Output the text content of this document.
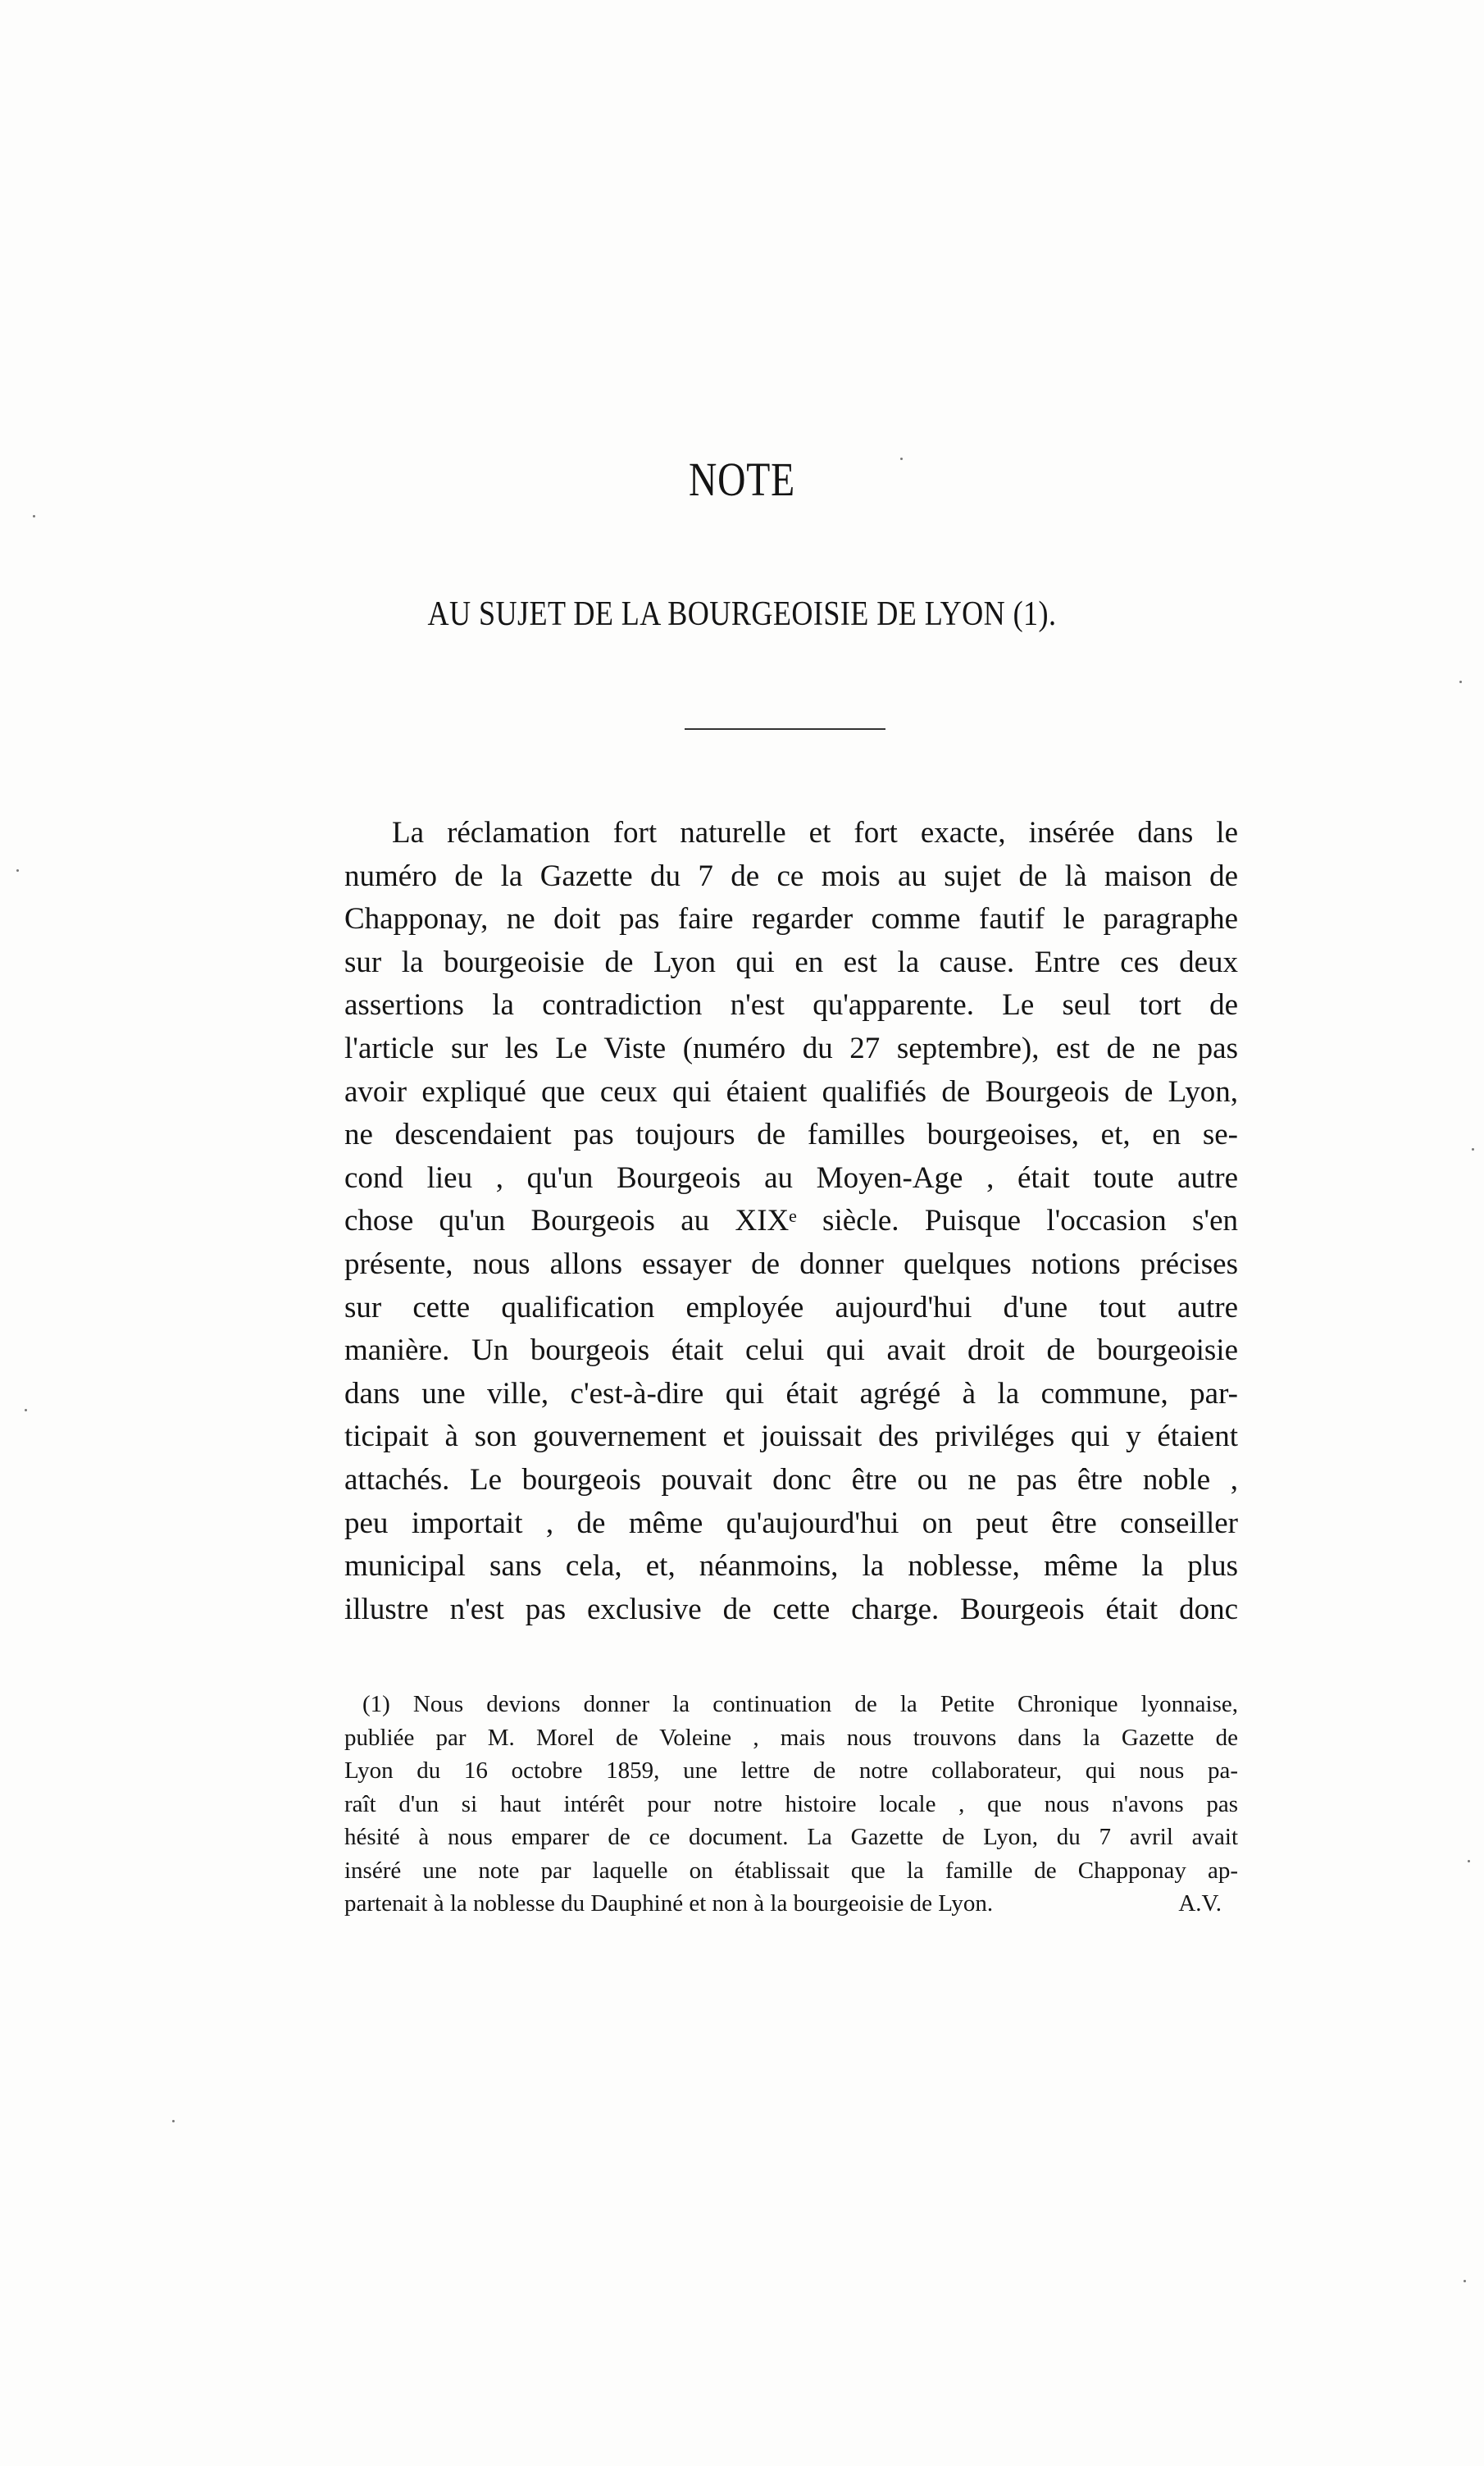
NOTE
AU SUJET DE LA BOURGEOISIE DE LYON (1).
La réclamation fort naturelle et fort exacte, insérée dans le
numéro de la Gazette du 7 de ce mois au sujet de là maison de
Chapponay, ne doit pas faire regarder comme fautif le paragraphe
sur la bourgeoisie de Lyon qui en est la cause. Entre ces deux
assertions la contradiction n'est qu'apparente. Le seul tort de
l'article sur les Le Viste (numéro du 27 septembre), est de ne pas
avoir expliqué que ceux qui étaient qualifiés de Bourgeois de Lyon,
ne descendaient pas toujours de familles bourgeoises, et, en se-
cond lieu , qu'un Bourgeois au Moyen-Age , était toute autre
chose qu'un Bourgeois au XIXᵉ siècle. Puisque l'occasion s'en
présente, nous allons essayer de donner quelques notions précises
sur cette qualification employée aujourd'hui d'une tout autre
manière. Un bourgeois était celui qui avait droit de bourgeoisie
dans une ville, c'est-à-dire qui était agrégé à la commune, par-
ticipait à son gouvernement et jouissait des priviléges qui y étaient
attachés. Le bourgeois pouvait donc être ou ne pas être noble ,
peu importait , de même qu'aujourd'hui on peut être conseiller
municipal sans cela, et, néanmoins, la noblesse, même la plus
illustre n'est pas exclusive de cette charge. Bourgeois était donc
(1) Nous devions donner la continuation de la Petite Chronique lyonnaise,
publiée par M. Morel de Voleine , mais nous trouvons dans la Gazette de
Lyon du 16 octobre 1859, une lettre de notre collaborateur, qui nous pa-
raît d'un si haut intérêt pour notre histoire locale , que nous n'avons pas
hésité à nous emparer de ce document. La Gazette de Lyon, du 7 avril avait
inséré une note par laquelle on établissait que la famille de Chapponay ap-
partenait à la noblesse du Dauphiné et non à la bourgeoisie de Lyon.	A.V.
